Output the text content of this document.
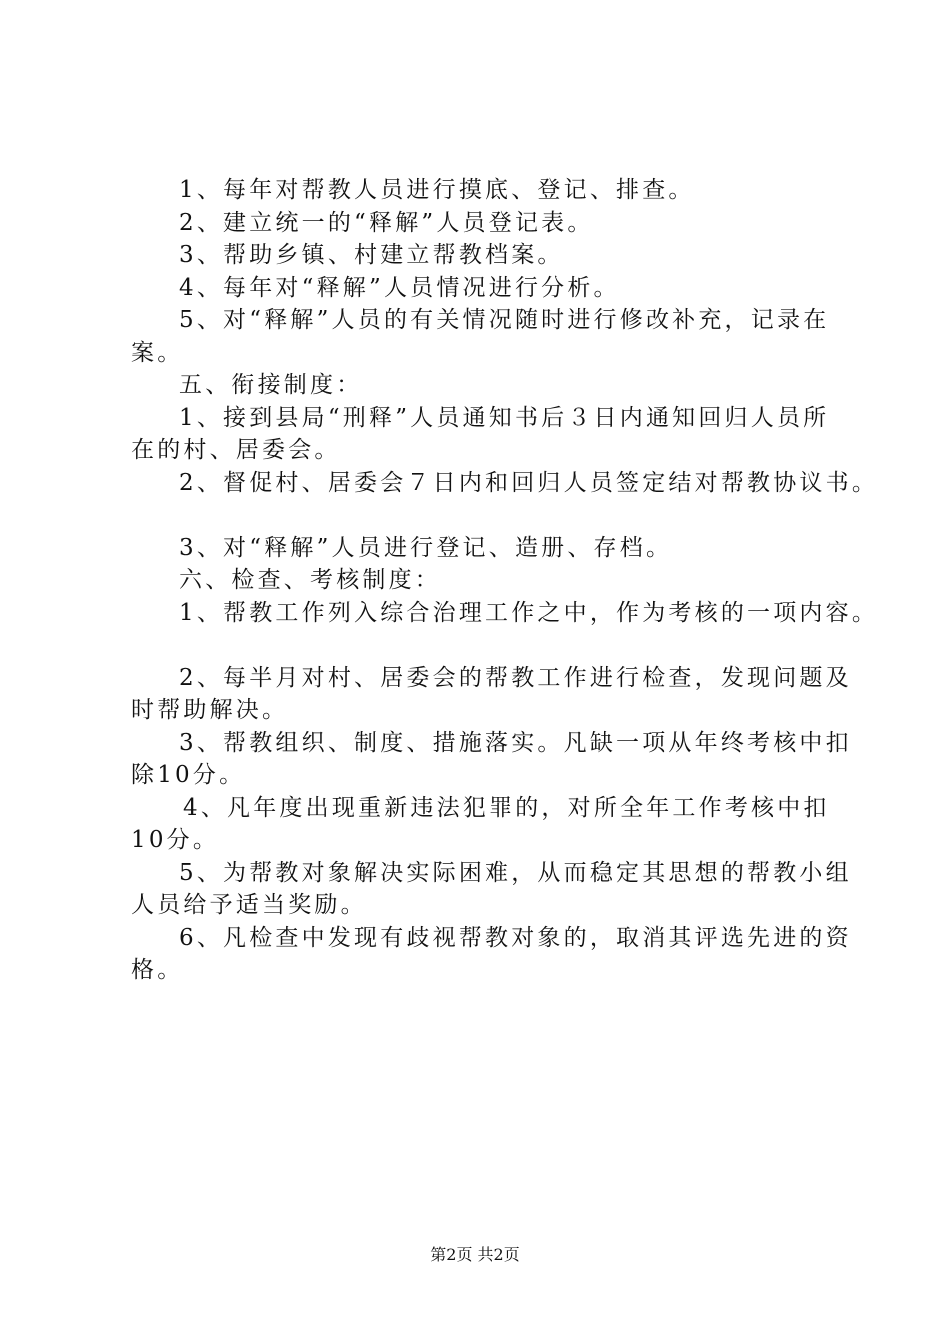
1、每年对帮教人员进行摸底、登记、排查。

2、建立统一的“释解”人员登记表。

3、帮助乡镇、村建立帮教档案。

4、每年对“释解”人员情况进行分析。

5、对“释解”人员的有关情况随时进行修改补充，记录在

案。

五、衔接制度：

1、接到县局“刑释”人员通知书后３日内通知回归人员所

在的村、居委会。

2、督促村、居委会７日内和回归人员签定结对帮教协议书。

3、对“释解”人员进行登记、造册、存档。

六、检查、考核制度：

1、帮教工作列入综合治理工作之中，作为考核的一项内容。

2、每半月对村、居委会的帮教工作进行检查，发现问题及

时帮助解决。

3、帮教组织、制度、措施落实。凡缺一项从年终考核中扣

除10分。

4、凡年度出现重新违法犯罪的，对所全年工作考核中扣

10分。

5、为帮教对象解决实际困难，从而稳定其思想的帮教小组

人员给予适当奖励。

6、凡检查中发现有歧视帮教对象的，取消其评选先进的资

格。

第2页 共2页
